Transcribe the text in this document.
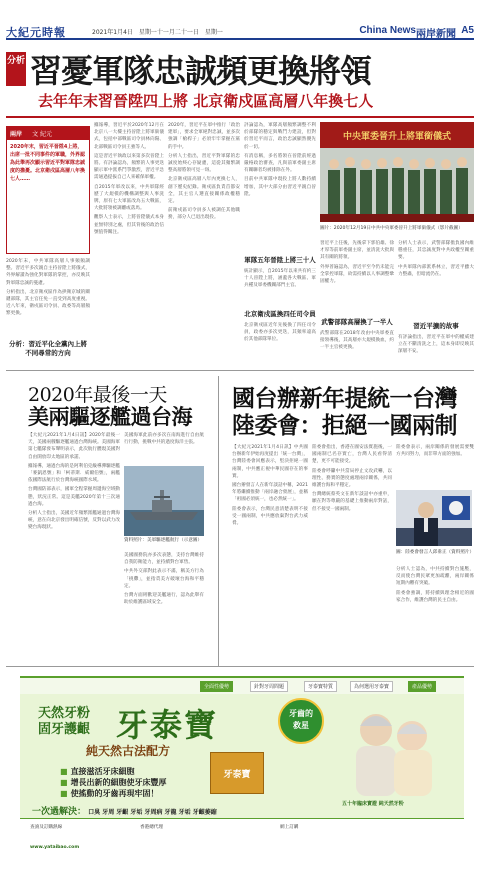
大紀元時報	2021年1月4日　星期一十一月二十一日　星期一	China News 兩岸新聞 A5
分析 習憂軍隊忠誠頻更換將領
去年年末習晉陞四上將 北京衛戍區高層八年換七人
兩岸 文 紀元
2020年末，習近平晉陞4上將，出席一批不同事件的軍職，外界認為此舉再次顯示習近平對軍隊忠誠度的擔憂。北京衛戍區高層八年換七人……

2020年末，中共軍隊高層人事頻頻調整。習近平多次親自主持晉陞上將儀式，外界解讀為強化對軍隊的掌控，亦反映其對軍隊忠誠的憂慮。

分析指出，北京衛戍區作為拱衛京城的關鍵部隊，其主官任免一直受到高度重視。近八年來，衛戍區司令員、政委等高層頻繁更換。

分析：習近平化全黨內上將不同尋常的方向

據報導，習近平於2020年12月在北京八一大樓主持晉陞上將軍銜儀式，包括中部戰區司令員林向陽、北部戰區司令員王強等人。

這是習近平執政以來第多次晉陞上將。有評論認為，頻繁的人事更迭顯示軍中派系鬥爭激烈，習近平急需通過提拔自己人來確保軍權。

自2015年軍改以來，中共軍隊經歷了大規模的機構調整與人事洗牌，原有七大軍區改為五大戰區，大批將領被調離或落馬。

觀察人士表示，上將晉陞儀式本身並無特別之處，但其背後的政治信號值得關注。

2020年，習近平在軍中推行「政治建軍」，要求全軍絕對忠誠，並多次強調「槍桿子」必須牢牢掌握在黨的手中。

分析人士指出，習近平對軍隊的忠誠度始終心存疑慮，這從其頻繁調整高層將領可見一斑。

北京衛戍區高層八年內更換七人，創下歷史紀錄。衛戍區負責首都安全，其主官人選直接關係政權穩定。

前衛戍區司令員多人被調任其他職務，部分人已退出現役。

評論認為，軍隊高層頻繁調整不利於部隊的穩定與戰鬥力建設，但對於習近平而言，政治忠誠顯然優先於一切。

有消息稱，多名將領在晉陞前經過嚴格政治審查，凡與前軍委副主席有關聯者均被排除在外。

目前中共軍隊中現役上將人數持續增加，其中大部分由習近平親自晉陞。

軍隊五年晉陞上將三十人

統計顯示，自2015年以來共有約三十人晉陞上將，涵蓋各大戰區、軍兵種及軍委機關部門主官。

北京衛戍區換四任司令員

北京衛戍區近年先後換了四任司令員，政委亦多次更迭，其頻率遠高於其他部隊單位。

中央軍委晉升上將軍銜儀式
圖片：2020年12月19日中共中央軍委晉升上將軍銜儀式（影片截圖）

習近平上任後，先後拿下郭伯雄、徐才厚等前軍委副主席，並清洗大批與其有關的將領。

外界普遍認為，習近平至今仍未能完全掌控軍隊，故需持續以人事調整鞏固權力。

武警部隊高層換了一半人

武警部隊在2018年改由中央軍委直接領導後，其高層亦大規模換血，約一半主官被更換。

分析人士表示，武警部隊擔負國內維穩重任，其忠誠度對中共政權至關重要。

中共軍隊內部派系林立，習近平雖大力整肅，但暗流仍在。

習近平擴的故事

有評論指出，習近平在軍中的權威建立在不斷清洗之上，這本身即反映其深層不安。

2020年最後一天
美兩驅逐艦過台海

【大紀元2021年1月4日訊】2020年最後一天，美國兩艘驅逐艦通過台灣海峽。美國海軍第七艦隊發布聲明表示，此次航行體現美國對自由開放印太地區的承諾。

據報導，通過台海的是阿利伯克級導彈驅逐艦「麥凱恩號」和「柯蒂斯．威爾伯號」，兩艦依國際法航行於台灣海峽國際水域。

台灣國防部表示，國軍全程掌握周邊海空域動態，狀況正常。這是美艦2020年第十三次通過台海。

分析人士指出，美國近年頻繁派艦通過台灣海峽，意在向北京發出明確信號，反對以武力改變台海現狀。

美國海軍此前亦多次在南海進行自由航行行動，挑戰中共的過度海洋主張。

資料照片：美軍驅逐艦航行（示意圖）

美國國務院亦多次表態，支持台灣維持自我防衛能力，並持續對台軍售。

中共外交部對此表示不滿，稱美方行為「挑釁」，並指責美方破壞台海和平穩定。

台灣方面則歡迎美艦通行，認為此舉有助於維護區域安全。

國台辦新年提統一台灣
陸委會：拒絕一國兩制

【大紀元2021年1月4日訊】中共國台辦新年伊始再度提出「統一台灣」，台灣陸委會回應表示，堅決拒絕一國兩制，中共應正視中華民國存在的事實。

國台辦發言人在新年談話中稱，2021年將繼續推動「兩岸融合發展」，並稱「祖國必須統一，也必然統一」。

陸委會表示，台灣民意清楚表明不接受一國兩制，中共應放棄對台武力威脅。

陸委會指出，香港在國安法實施後，一國兩制已名存實亡，台灣人民看得清楚，更不可能接受。

陸委會呼籲中共當局停止文攻武嚇，以理性、務實的態度處理兩岸關係，共同維護台海和平穩定。

台灣總統蔡英文在新年談話中亦重申，願在對等尊嚴的基礎上推動兩岸對話，但不接受一國兩制。

陸委會表示，兩岸關係的發展需要雙方共同努力，而非單方面的強加。

圖：陸委會發言人邱垂正（資料照片）

分析人士認為，中共持續對台施壓，反而使台灣民眾更加疏離，兩岸關係短期內難有突破。

陸委會強調，將持續與理念相近的國家合作，維護台灣的民主自由。

全面性優勢	針對牙周問題	牙泰寶特質	為何選用牙泰寶	產品優勢
天然牙粉
固牙護齦 牙泰寶
純天然古法配方
■ 直接滋活牙床細胞
■ 增長出新的細胞使牙床豐厚
■ 使搖動的牙齒再現牢固！
一次過解決： 口臭 牙周 牙齦 牙垢 牙周病 牙龍 牙垢 牙齦萎縮
牙齒的
救星
牙泰寶
五十年臨床實證 純天然牙粉
查詢及訂購熱線	香港總代理	網上訂購
www.yataibao.com
